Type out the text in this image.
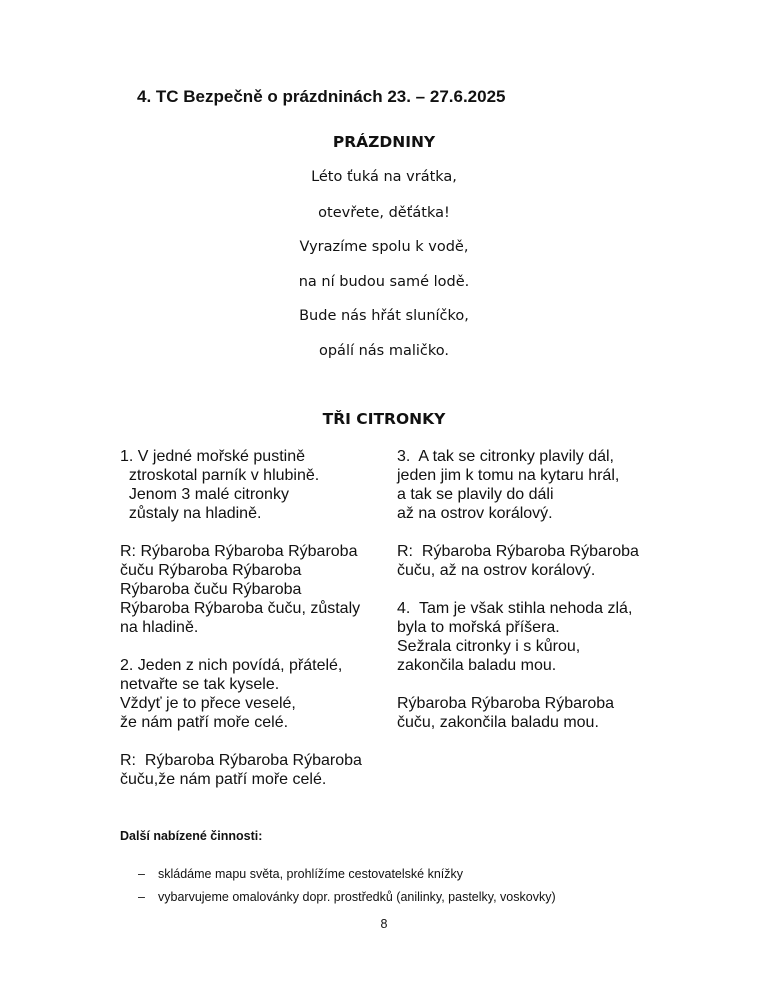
4. TC Bezpečně o prázdninách 23. – 27.6.2025
PRÁZDNINY
Léto ťuká na vrátka,
otevřete, děťátka!
Vyrazíme spolu k vodě,
na ní budou samé lodě.
Bude nás hřát sluníčko,
opálí nás maličko.
TŘI CITRONKY
1. V jedné mořské pustině
ztroskotal parník v hlubině.
Jenom 3 malé citronky
zůstaly na hladině.
R: Rýbaroba Rýbaroba Rýbaroba
čuču Rýbaroba Rýbaroba
Rýbaroba čuču Rýbaroba
Rýbaroba Rýbaroba čuču, zůstaly
na hladině.
2. Jeden z nich povídá, přátelé,
netvařte se tak kysele.
Vždyť je to přece veselé,
že nám patří moře celé.
R:  Rýbaroba Rýbaroba Rýbaroba
čuču,že nám patří moře celé.
3.  A tak se citronky plavily dál,
jeden jim k tomu na kytaru hrál,
a tak se plavily do dáli
až na ostrov korálový.
R:  Rýbaroba Rýbaroba Rýbaroba
čuču, až na ostrov korálový.
4.  Tam je však stihla nehoda zlá,
byla to mořská příšera.
Sežrala citronky i s kůrou,
zakončila baladu mou.
Rýbaroba Rýbaroba Rýbaroba
čuču, zakončila baladu mou.
Další nabízené činnosti:
– skládáme mapu světa, prohlížíme cestovatelské knížky
– vybarvujeme omalovánky dopr. prostředků (anilinky, pastelky, voskovky)
8
